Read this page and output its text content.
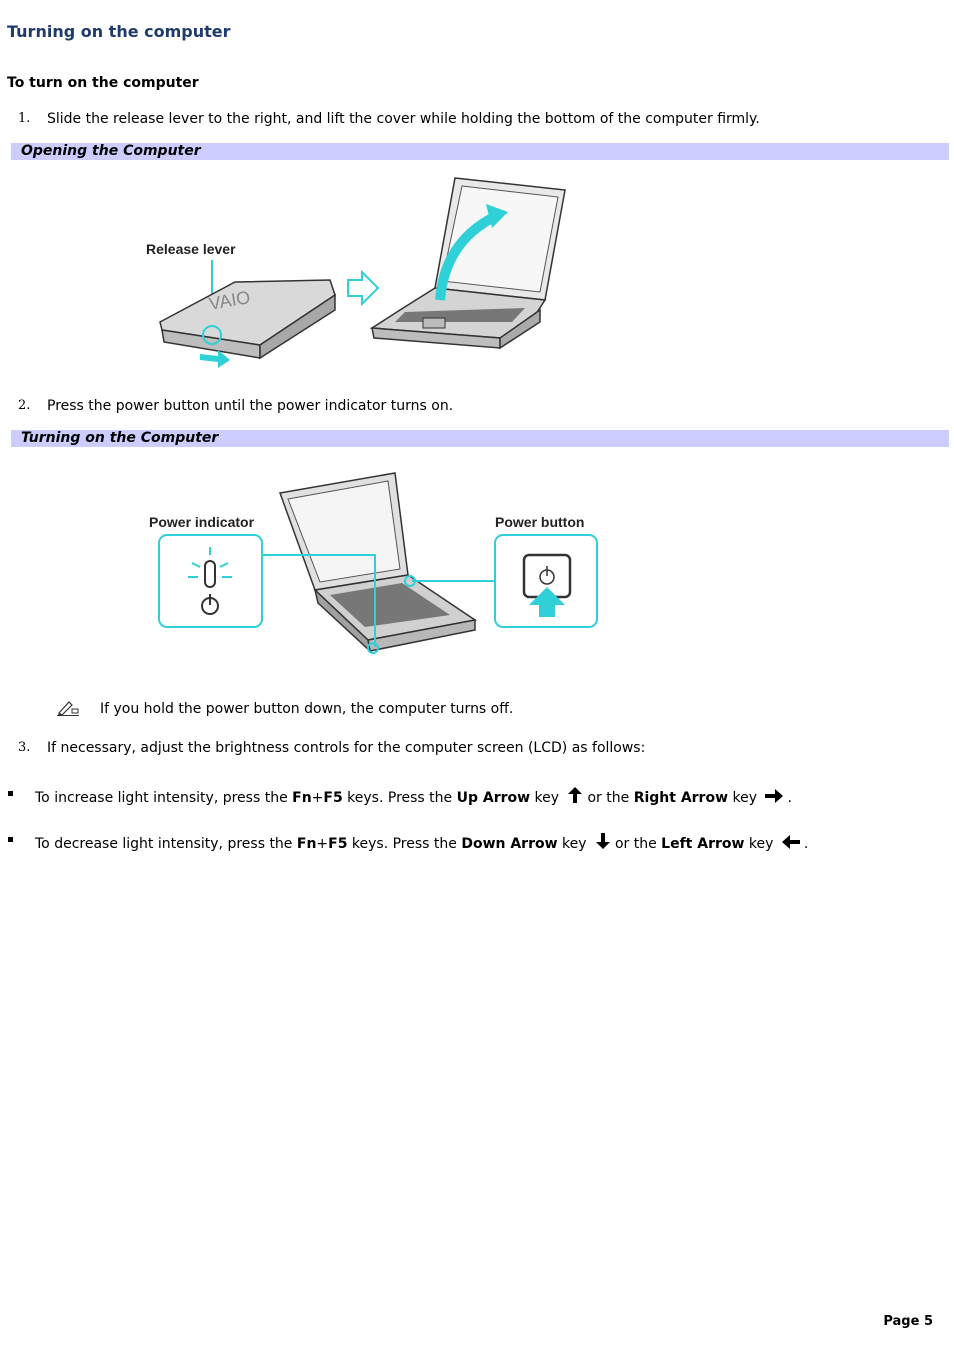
Turning on the computer
To turn on the computer
1. Slide the release lever to the right, and lift the cover while holding the bottom of the computer firmly.
Opening the Computer
Release lever
VAIO
2. Press the power button until the power indicator turns on.
Turning on the Computer
Power indicator	Power button
If you hold the power button down, the computer turns off.
3. If necessary, adjust the brightness controls for the computer screen (LCD) as follows:
To increase light intensity, press the Fn+F5 keys. Press the Up Arrow key or the Right Arrow key .
To decrease light intensity, press the Fn+F5 keys. Press the Down Arrow key or the Left Arrow key .
Page 5
